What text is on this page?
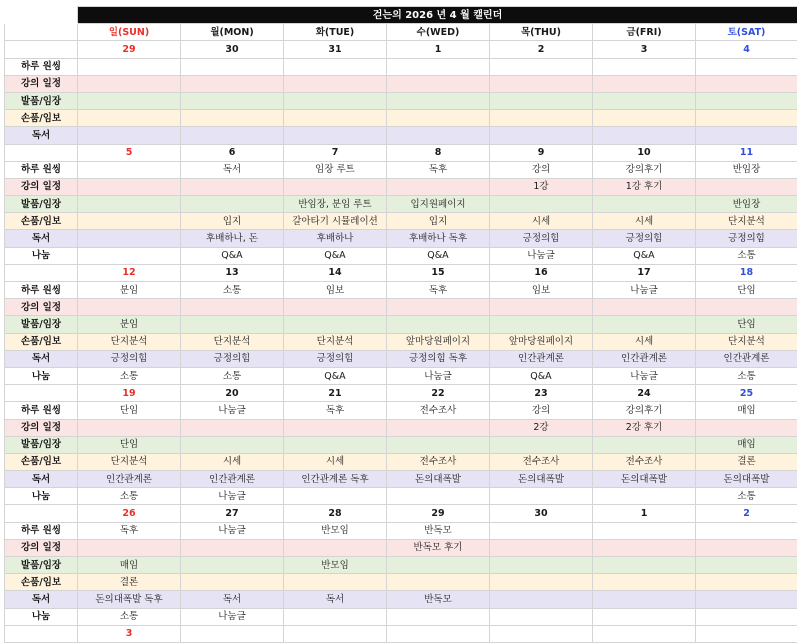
	걷는의 2026 년 4 월 캘린더						
	일(SUN)	월(MON)	화(TUE)	수(WED)	목(THU)	금(FRI)	토(SAT)
	29	30	31	1	2	3	4
하루 원씽							
강의 일정							
발품/임장							
손품/임보							
독서							
	5	6	7	8	9	10	11
하루 원씽		독서	임장 루트	독후	강의	강의후기	반임장
강의 일정					1강	1강 후기	
발품/임장			반임장, 분임 루트	입지원페이지			반임장
손품/임보		입지	갈아타기 시뮬레이션	입지	시세	시세	단지분석
독서		후배하나, 돈	후배하나	후배하나 독후	긍정의힘	긍정의힘	긍정의힘
나눔		Q&A	Q&A	Q&A	나눔글	Q&A	소통
	12	13	14	15	16	17	18
하루 원씽	분임	소통	임보	독후	임보	나눔글	단임
강의 일정							
발품/임장	분임						단임
손품/임보	단지분석	단지분석	단지분석	앞마당원페이지	앞마당원페이지	시세	단지분석
독서	긍정의힘	긍정의힘	긍정의힘	긍정의힘 독후	인간관계론	인간관계론	인간관계론
나눔	소통	소통	Q&A	나눔글	Q&A	나눔글	소통
	19	20	21	22	23	24	25
하루 원씽	단임	나눔글	독후	전수조사	강의	강의후기	매임
강의 일정					2강	2강 후기	
발품/임장	단임						매임
손품/임보	단지분석	시세	시세	전수조사	전수조사	전수조사	결론
독서	인간관계론	인간관계론	인간관계론 독후	돈의대폭발	돈의대폭발	돈의대폭발	돈의대폭발
나눔	소통	나눔글					소통
	26	27	28	29	30	1	2
하루 원씽	독후	나눔글	반모임	반독모			
강의 일정				반독모 후기			
발품/임장	매임		반모임				
손품/임보	결론						
독서	돈의대폭발 독후	독서	독서	반독모			
나눔	소통	나눔글					
	3						
